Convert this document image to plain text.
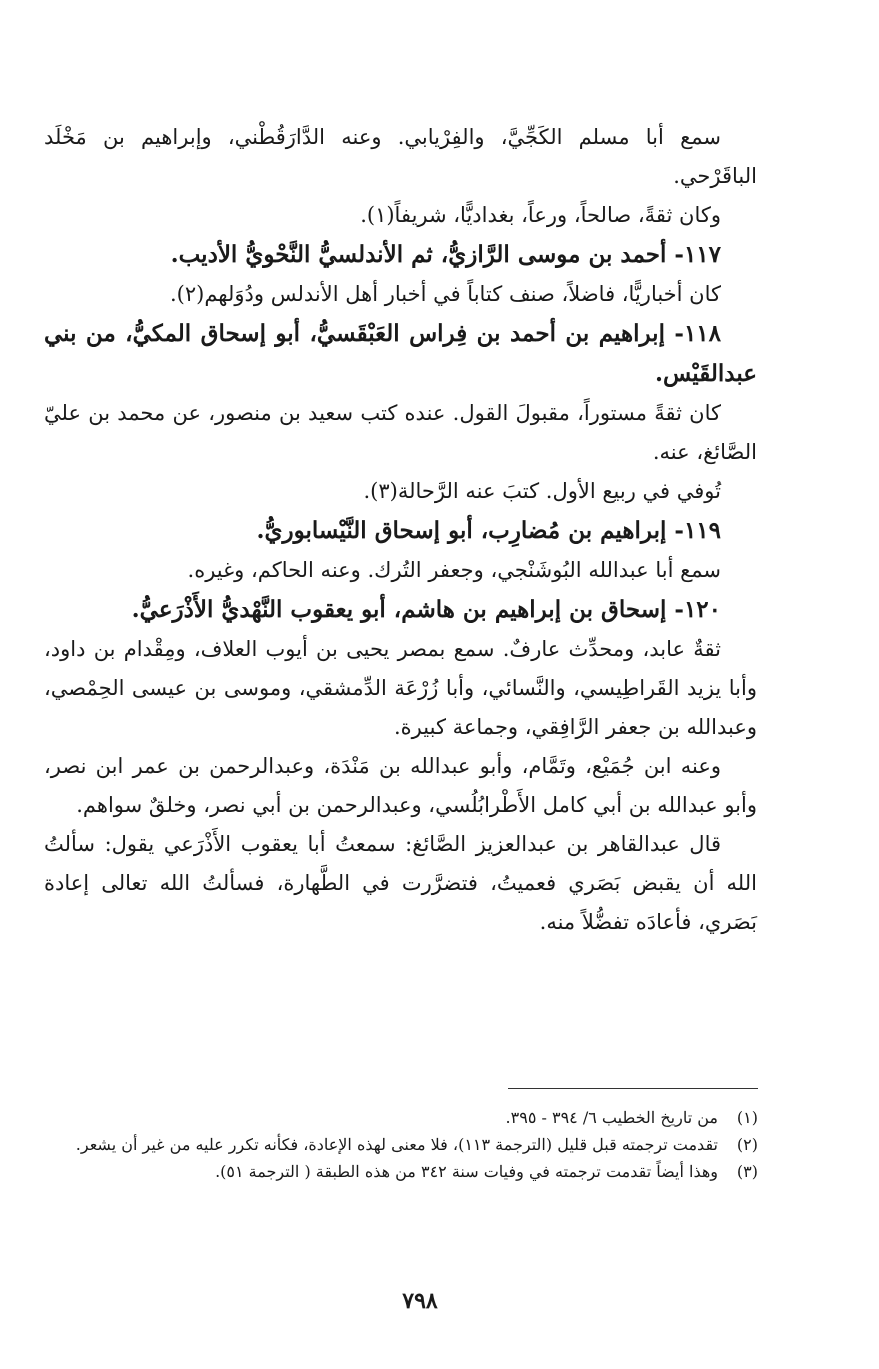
سمع أبا مسلم الكَجِّيَّ، والفِرْيابي. وعنه الدَّارَقُطْني، وإبراهيم بن مَخْلَد الباقَرْحي.

وكان ثقةً، صالحاً، ورعاً، بغداديًّا، شريفاً(١).

١١٧- أحمد بن موسى الرَّازيُّ، ثم الأندلسيُّ النَّحْويُّ الأديب.

كان أخباريًّا، فاضلاً، صنف كتاباً في أخبار أهل الأندلس ودُوَلهم(٢).

١١٨- إبراهيم بن أحمد بن فِراس العَبْقَسيُّ، أبو إسحاق المكيُّ، من بني عبدالقَيْس.

كان ثقةً مستوراً، مقبولَ القول. عنده كتب سعيد بن منصور، عن محمد بن عليّ الصَّائغ، عنه.

تُوفي في ربيع الأول. كتبَ عنه الرَّحالة(٣).

١١٩- إبراهيم بن مُضارِب، أبو إسحاق النَّيْسابوريُّ.

سمع أبا عبدالله البُوشَنْجي، وجعفر التُرك. وعنه الحاكم، وغيره.

١٢٠- إسحاق بن إبراهيم بن هاشم، أبو يعقوب النَّهْديُّ الأَذْرَعيُّ.

ثقةٌ عابد، ومحدِّث عارفٌ. سمع بمصر يحيى بن أيوب العلاف، ومِقْدام بن داود، وأبا يزيد القَراطِيسي، والنَّسائي، وأبا زُرْعَة الدِّمشقي، وموسى بن عيسى الحِمْصي، وعبدالله بن جعفر الرَّافِقي، وجماعة كبيرة.

وعنه ابن جُمَيْع، وتَمَّام، وأبو عبدالله بن مَنْدَة، وعبدالرحمن بن عمر ابن نصر، وأبو عبدالله بن أبي كامل الأَطْرابُلُسي، وعبدالرحمن بن أبي نصر، وخلقٌ سواهم.

قال عبدالقاهر بن عبدالعزيز الصَّائغ: سمعتُ أبا يعقوب الأَذْرَعي يقول: سألتُ الله أن يقبض بَصَري فعميتُ، فتضرَّرت في الطَّهارة، فسألتُ الله تعالى إعادة بَصَري، فأعادَه تفضُّلاً منه.

(١)
من تاريخ الخطيب ٦/ ٣٩٤ - ٣٩٥.
(٢)
تقدمت ترجمته قبل قليل (الترجمة ١١٣)، فلا معنى لهذه الإعادة، فكأنه تكرر عليه من غير أن يشعر.
(٣)
وهذا أيضاً تقدمت ترجمته في وفيات سنة ٣٤٢ من هذه الطبقة ( الترجمة ٥١).
٧٩٨
